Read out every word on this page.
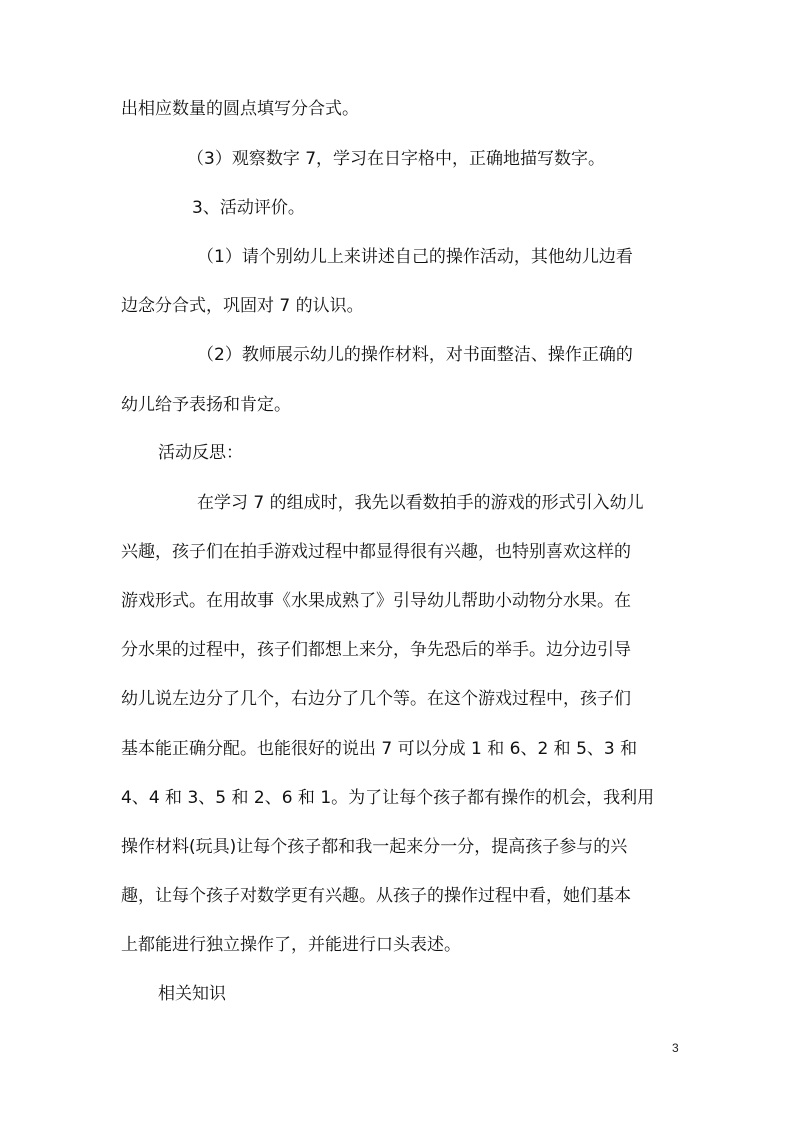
出相应数量的圆点填写分合式。
（3）观察数字 7，学习在日字格中，正确地描写数字。
3、活动评价。
（1）请个别幼儿上来讲述自己的操作活动，其他幼儿边看
边念分合式，巩固对 7 的认识。
（2）教师展示幼儿的操作材料，对书面整洁、操作正确的
幼儿给予表扬和肯定。
活动反思：
在学习 7 的组成时，我先以看数拍手的游戏的形式引入幼儿
兴趣，孩子们在拍手游戏过程中都显得很有兴趣，也特别喜欢这样的
游戏形式。在用故事《水果成熟了》引导幼儿帮助小动物分水果。在
分水果的过程中，孩子们都想上来分，争先恐后的举手。边分边引导
幼儿说左边分了几个，右边分了几个等。在这个游戏过程中，孩子们
基本能正确分配。也能很好的说出 7 可以分成 1 和 6、2 和 5、3 和
4、4 和 3、5 和 2、6 和 1。为了让每个孩子都有操作的机会，我利用
操作材料(玩具)让每个孩子都和我一起来分一分，提高孩子参与的兴
趣，让每个孩子对数学更有兴趣。从孩子的操作过程中看，她们基本
上都能进行独立操作了，并能进行口头表述。
相关知识
3
